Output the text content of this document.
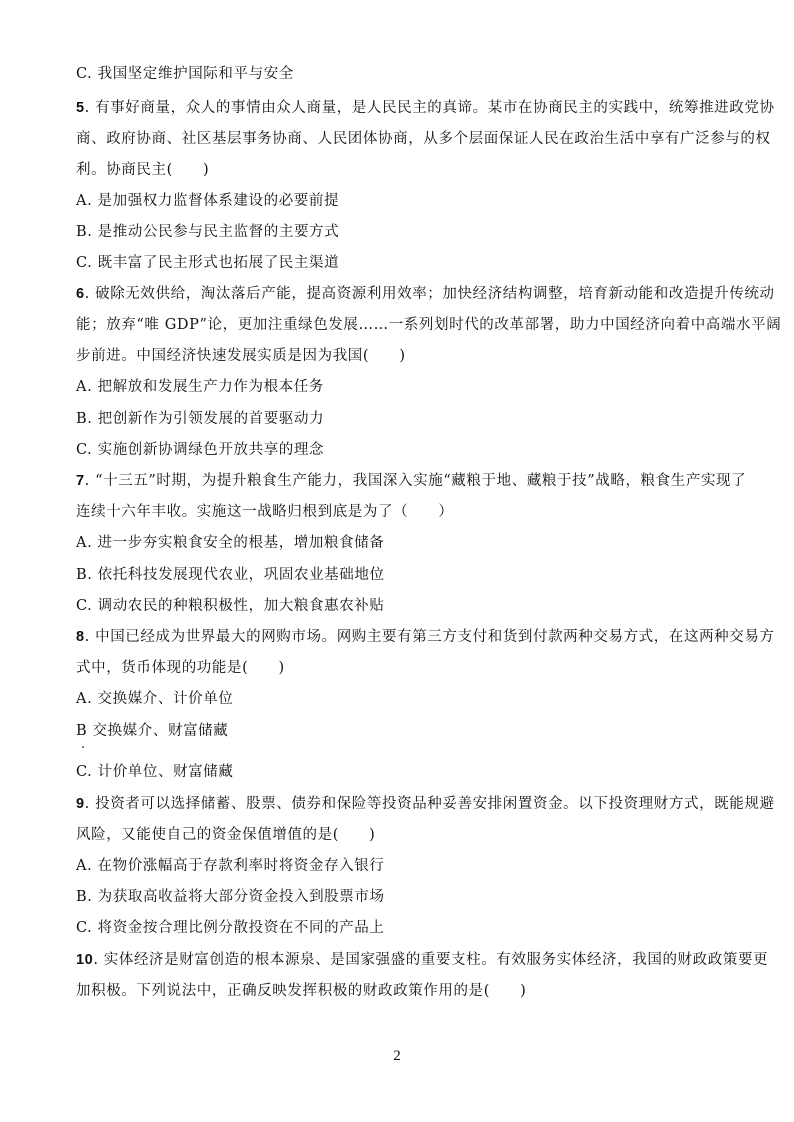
C. 我国坚定维护国际和平与安全
5. 有事好商量，众人的事情由众人商量，是人民民主的真谛。某市在协商民主的实践中，统筹推进政党协
商、政府协商、社区基层事务协商、人民团体协商，从多个层面保证人民在政治生活中享有广泛参与的权
利。协商民主(　　)
A. 是加强权力监督体系建设的必要前提
B. 是推动公民参与民主监督的主要方式
C. 既丰富了民主形式也拓展了民主渠道
6. 破除无效供给，淘汰落后产能，提高资源利用效率；加快经济结构调整，培育新动能和改造提升传统动
能；放弃“唯 GDP”论，更加注重绿色发展……一系列划时代的改革部署，助力中国经济向着中高端水平阔
步前进。中国经济快速发展实质是因为我国(　　)
A. 把解放和发展生产力作为根本任务
B. 把创新作为引领发展的首要驱动力
C. 实施创新协调绿色开放共享的理念
7. “十三五”时期，为提升粮食生产能力，我国深入实施“藏粮于地、藏粮于技”战略，粮食生产实现了
连续十六年丰收。实施这一战略归根到底是为了（　　）
A. 进一步夯实粮食安全的根基，增加粮食储备
B. 依托科技发展现代农业，巩固农业基础地位
C. 调动农民的种粮积极性，加大粮食惠农补贴
8. 中国已经成为世界最大的网购市场。网购主要有第三方支付和货到付款两种交易方式，在这两种交易方
式中，货币体现的功能是(　　)
A. 交换媒介、计价单位
B 交换媒介、财富储藏
C. 计价单位、财富储藏
9. 投资者可以选择储蓄、股票、债券和保险等投资品种妥善安排闲置资金。以下投资理财方式，既能规避
风险，又能使自己的资金保值增值的是(　　)
A. 在物价涨幅高于存款利率时将资金存入银行
B. 为获取高收益将大部分资金投入到股票市场
C. 将资金按合理比例分散投资在不同的产品上
10. 实体经济是财富创造的根本源泉、是国家强盛的重要支柱。有效服务实体经济，我国的财政政策要更
加积极。下列说法中，正确反映发挥积极的财政政策作用的是(　　)
2
